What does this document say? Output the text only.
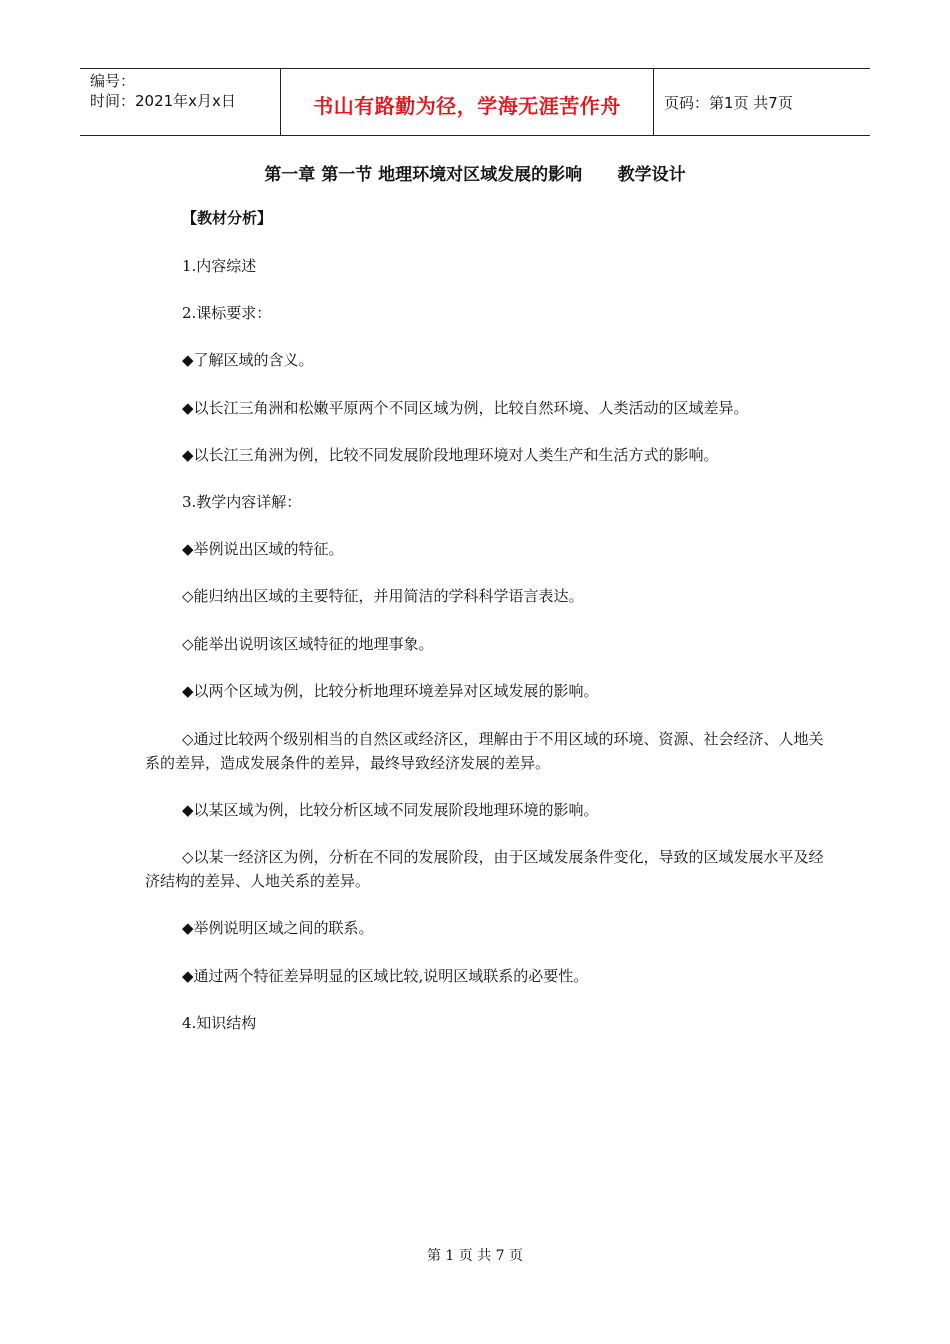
编号：
时间：2021年x月x日	书山有路勤为径，学海无涯苦作舟	页码：第1页 共7页
第一章 第一节 地理环境对区域发展的影响      教学设计

【教材分析】

1.内容综述

2.课标要求：

◆了解区域的含义。

◆以长江三角洲和松嫩平原两个不同区域为例，比较自然环境、人类活动的区域差异。

◆以长江三角洲为例，比较不同发展阶段地理环境对人类生产和生活方式的影响。

3.教学内容详解：

◆举例说出区域的特征。

◇能归纳出区域的主要特征，并用简洁的学科科学语言表达。

◇能举出说明该区域特征的地理事象。

◆以两个区域为例，比较分析地理环境差异对区域发展的影响。

◇通过比较两个级别相当的自然区或经济区，理解由于不用区域的环境、资源、社会经济、人地关系的差异，造成发展条件的差异，最终导致经济发展的差异。

◆以某区域为例，比较分析区域不同发展阶段地理环境的影响。

◇以某一经济区为例，分析在不同的发展阶段，由于区域发展条件变化，导致的区域发展水平及经济结构的差异、人地关系的差异。

◆举例说明区域之间的联系。

◆通过两个特征差异明显的区域比较,说明区域联系的必要性。

4.知识结构

第 1 页 共 7 页
